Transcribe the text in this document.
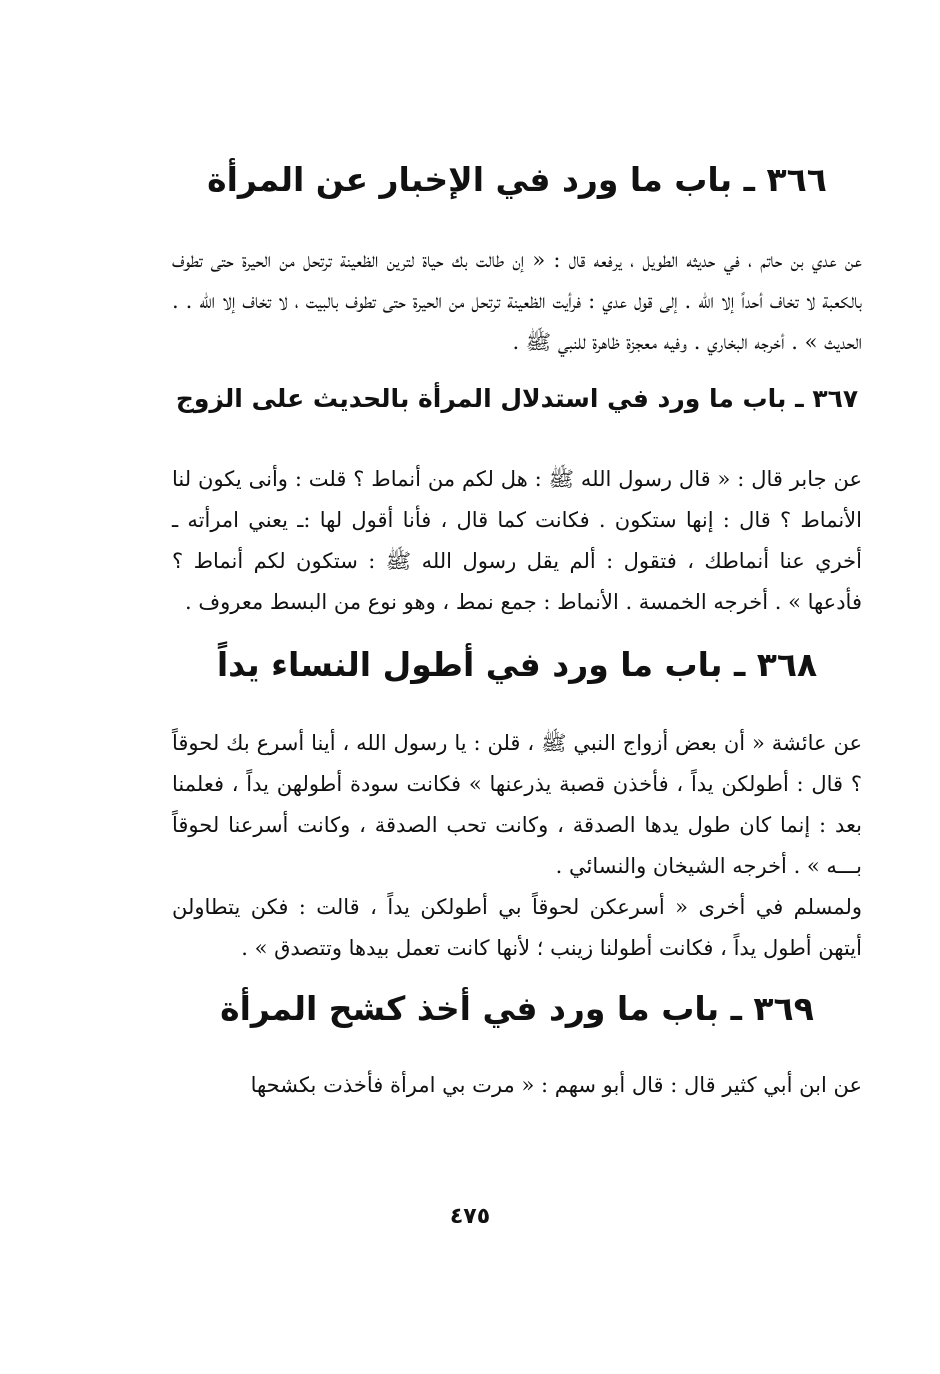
٣٦٦ ـ باب ما ورد في الإخبار عن المرأة

عن عدي بن حاتم ، في حديثه الطويل ، يرفعه قال : « إن طالت بك حياة لترين الظعينة ترتحل من الحيرة حتى تطوف بالكعبة لا تخاف أحداً إلا الله . إلى قول عدي : فرأيت الظعينة ترتحل من الحيرة حتى تطوف بالبيت ، لا تخاف إلا الله . . الحديث » . أخرجه البخاري . وفيه معجزة ظاهرة للنبي ﷺ .

٣٦٧ ـ باب ما ورد في استدلال المرأة بالحديث على الزوج

عن جابر قال : « قال رسول الله ﷺ : هل لكم من أنماط ؟ قلت : وأنى يكون لنا الأنماط ؟ قال : إنها ستكون . فكانت كما قال ، فأنا أقول لها :ـ يعني امرأته ـ أخري عنا أنماطك ، فتقول : ألم يقل رسول الله ﷺ : ستكون لكم أنماط ؟ فأدعها » . أخرجه الخمسة . الأنماط : جمع نمط ، وهو نوع من البسط معروف .

٣٦٨ ـ باب ما ورد في أطول النساء يداً

عن عائشة « أن بعض أزواج النبي ﷺ ، قلن : يا رسول الله ، أينا أسرع بك لحوقاً ؟ قال : أطولكن يداً ، فأخذن قصبة يذرعنها » فكانت سودة أطولهن يداً ، فعلمنا بعد : إنما كان طول يدها الصدقة ، وكانت تحب الصدقة ، وكانت أسرعنا لحوقاً بـــه » . أخرجه الشيخان والنسائي .

ولمسلم في أخرى « أسرعكن لحوقاً بي أطولكن يداً ، قالت : فكن يتطاولن أيتهن أطول يداً ، فكانت أطولنا زينب ؛ لأنها كانت تعمل بيدها وتتصدق » .

٣٦٩ ـ باب ما ورد في أخذ كشح المرأة

عن ابن أبي كثير قال : قال أبو سهم : « مرت بي امرأة فأخذت بكشحها

٤٧٥
